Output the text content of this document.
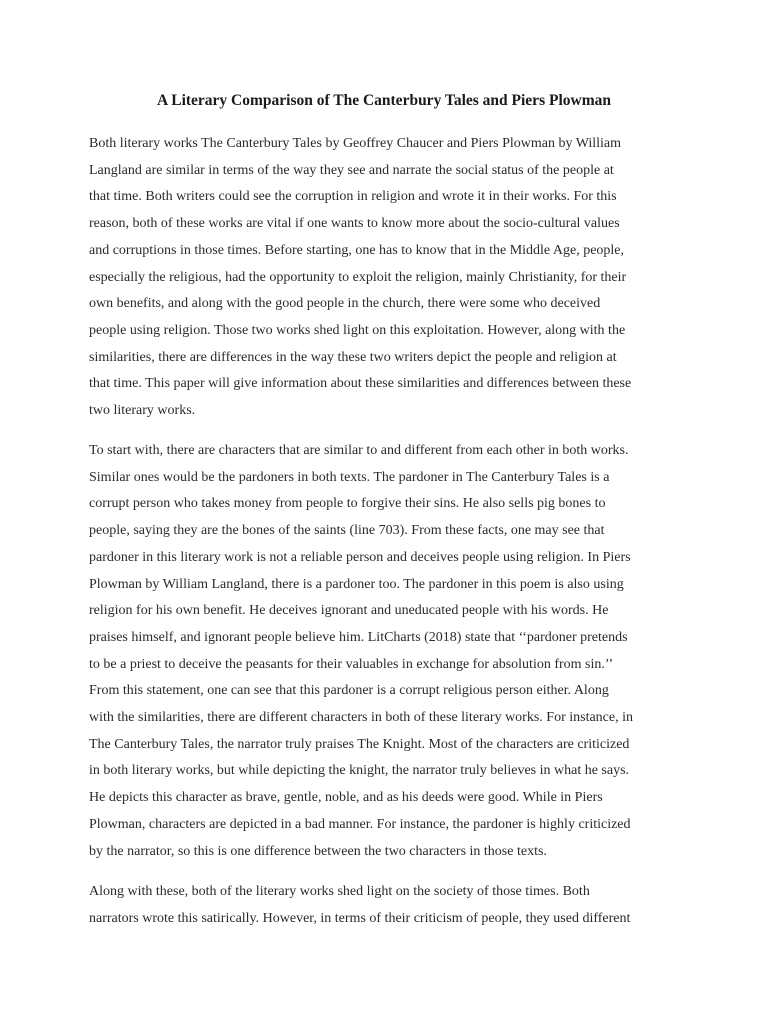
A Literary Comparison of The Canterbury Tales and Piers Plowman
Both literary works The Canterbury Tales by Geoffrey Chaucer and Piers Plowman by William
Langland are similar in terms of the way they see and narrate the social status of the people at
that time. Both writers could see the corruption in religion and wrote it in their works. For this
reason, both of these works are vital if one wants to know more about the socio-cultural values
and corruptions in those times. Before starting, one has to know that in the Middle Age, people,
especially the religious, had the opportunity to exploit the religion, mainly Christianity, for their
own benefits, and along with the good people in the church, there were some who deceived
people using religion. Those two works shed light on this exploitation. However, along with the
similarities, there are differences in the way these two writers depict the people and religion at
that time. This paper will give information about these similarities and differences between these
two literary works.
To start with, there are characters that are similar to and different from each other in both works.
Similar ones would be the pardoners in both texts. The pardoner in The Canterbury Tales is a
corrupt person who takes money from people to forgive their sins. He also sells pig bones to
people, saying they are the bones of the saints (line 703). From these facts, one may see that
pardoner in this literary work is not a reliable person and deceives people using religion. In Piers
Plowman by William Langland, there is a pardoner too. The pardoner in this poem is also using
religion for his own benefit. He deceives ignorant and uneducated people with his words. He
praises himself, and ignorant people believe him. LitCharts (2018) state that ‘‘pardoner pretends
to be a priest to deceive the peasants for their valuables in exchange for absolution from sin.’’
From this statement, one can see that this pardoner is a corrupt religious person either. Along
with the similarities, there are different characters in both of these literary works. For instance, in
The Canterbury Tales, the narrator truly praises The Knight. Most of the characters are criticized
in both literary works, but while depicting the knight, the narrator truly believes in what he says.
He depicts this character as brave, gentle, noble, and as his deeds were good. While in Piers
Plowman, characters are depicted in a bad manner. For instance, the pardoner is highly criticized
by the narrator, so this is one difference between the two characters in those texts.
Along with these, both of the literary works shed light on the society of those times. Both
narrators wrote this satirically. However, in terms of their criticism of people, they used different
